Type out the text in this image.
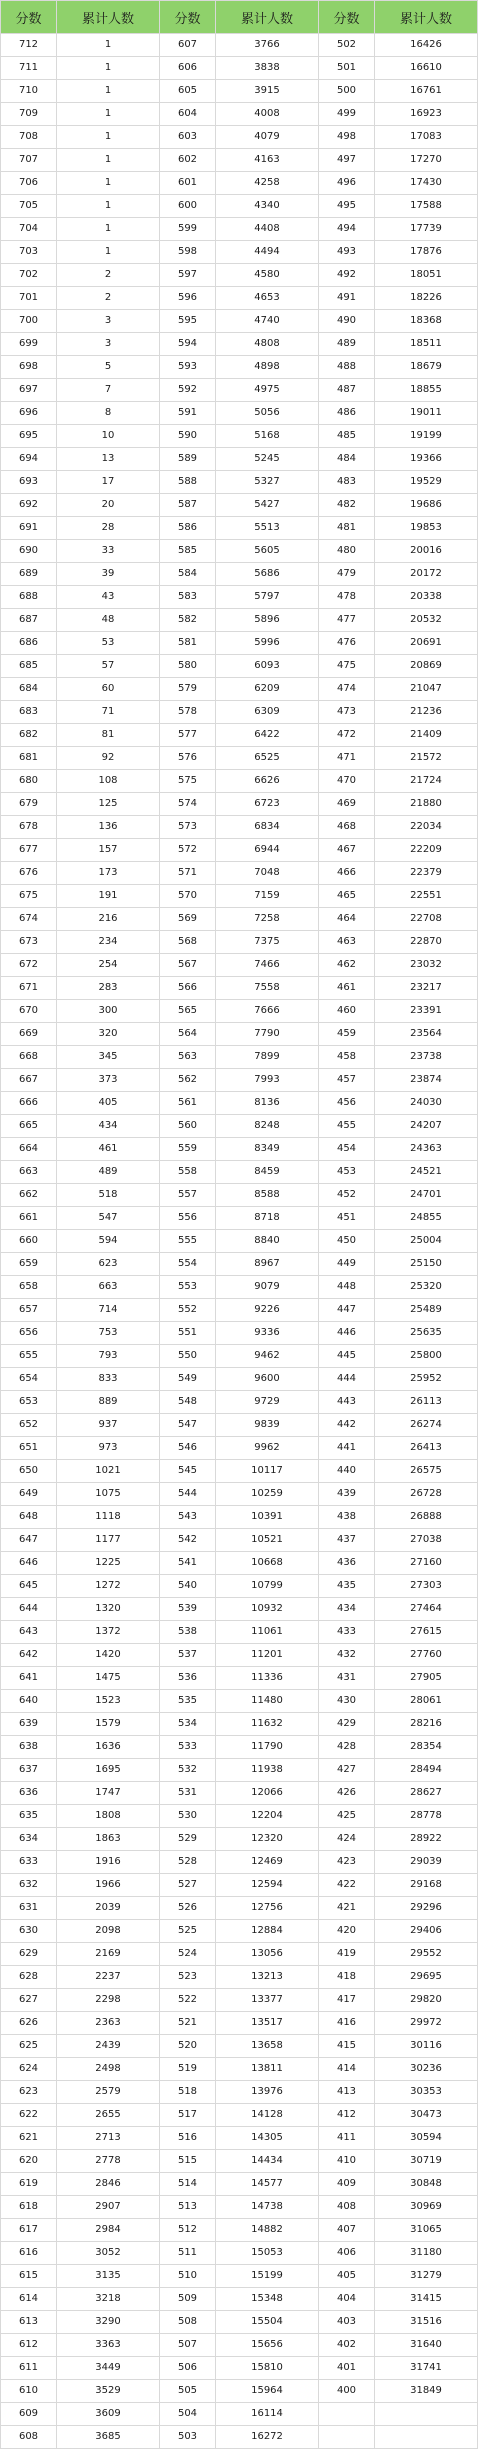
分数	累计人数	分数	累计人数	分数	累计人数
712	1	607	3766	502	16426
711	1	606	3838	501	16610
710	1	605	3915	500	16761
709	1	604	4008	499	16923
708	1	603	4079	498	17083
707	1	602	4163	497	17270
706	1	601	4258	496	17430
705	1	600	4340	495	17588
704	1	599	4408	494	17739
703	1	598	4494	493	17876
702	2	597	4580	492	18051
701	2	596	4653	491	18226
700	3	595	4740	490	18368
699	3	594	4808	489	18511
698	5	593	4898	488	18679
697	7	592	4975	487	18855
696	8	591	5056	486	19011
695	10	590	5168	485	19199
694	13	589	5245	484	19366
693	17	588	5327	483	19529
692	20	587	5427	482	19686
691	28	586	5513	481	19853
690	33	585	5605	480	20016
689	39	584	5686	479	20172
688	43	583	5797	478	20338
687	48	582	5896	477	20532
686	53	581	5996	476	20691
685	57	580	6093	475	20869
684	60	579	6209	474	21047
683	71	578	6309	473	21236
682	81	577	6422	472	21409
681	92	576	6525	471	21572
680	108	575	6626	470	21724
679	125	574	6723	469	21880
678	136	573	6834	468	22034
677	157	572	6944	467	22209
676	173	571	7048	466	22379
675	191	570	7159	465	22551
674	216	569	7258	464	22708
673	234	568	7375	463	22870
672	254	567	7466	462	23032
671	283	566	7558	461	23217
670	300	565	7666	460	23391
669	320	564	7790	459	23564
668	345	563	7899	458	23738
667	373	562	7993	457	23874
666	405	561	8136	456	24030
665	434	560	8248	455	24207
664	461	559	8349	454	24363
663	489	558	8459	453	24521
662	518	557	8588	452	24701
661	547	556	8718	451	24855
660	594	555	8840	450	25004
659	623	554	8967	449	25150
658	663	553	9079	448	25320
657	714	552	9226	447	25489
656	753	551	9336	446	25635
655	793	550	9462	445	25800
654	833	549	9600	444	25952
653	889	548	9729	443	26113
652	937	547	9839	442	26274
651	973	546	9962	441	26413
650	1021	545	10117	440	26575
649	1075	544	10259	439	26728
648	1118	543	10391	438	26888
647	1177	542	10521	437	27038
646	1225	541	10668	436	27160
645	1272	540	10799	435	27303
644	1320	539	10932	434	27464
643	1372	538	11061	433	27615
642	1420	537	11201	432	27760
641	1475	536	11336	431	27905
640	1523	535	11480	430	28061
639	1579	534	11632	429	28216
638	1636	533	11790	428	28354
637	1695	532	11938	427	28494
636	1747	531	12066	426	28627
635	1808	530	12204	425	28778
634	1863	529	12320	424	28922
633	1916	528	12469	423	29039
632	1966	527	12594	422	29168
631	2039	526	12756	421	29296
630	2098	525	12884	420	29406
629	2169	524	13056	419	29552
628	2237	523	13213	418	29695
627	2298	522	13377	417	29820
626	2363	521	13517	416	29972
625	2439	520	13658	415	30116
624	2498	519	13811	414	30236
623	2579	518	13976	413	30353
622	2655	517	14128	412	30473
621	2713	516	14305	411	30594
620	2778	515	14434	410	30719
619	2846	514	14577	409	30848
618	2907	513	14738	408	30969
617	2984	512	14882	407	31065
616	3052	511	15053	406	31180
615	3135	510	15199	405	31279
614	3218	509	15348	404	31415
613	3290	508	15504	403	31516
612	3363	507	15656	402	31640
611	3449	506	15810	401	31741
610	3529	505	15964	400	31849
609	3609	504	16114		
608	3685	503	16272		
